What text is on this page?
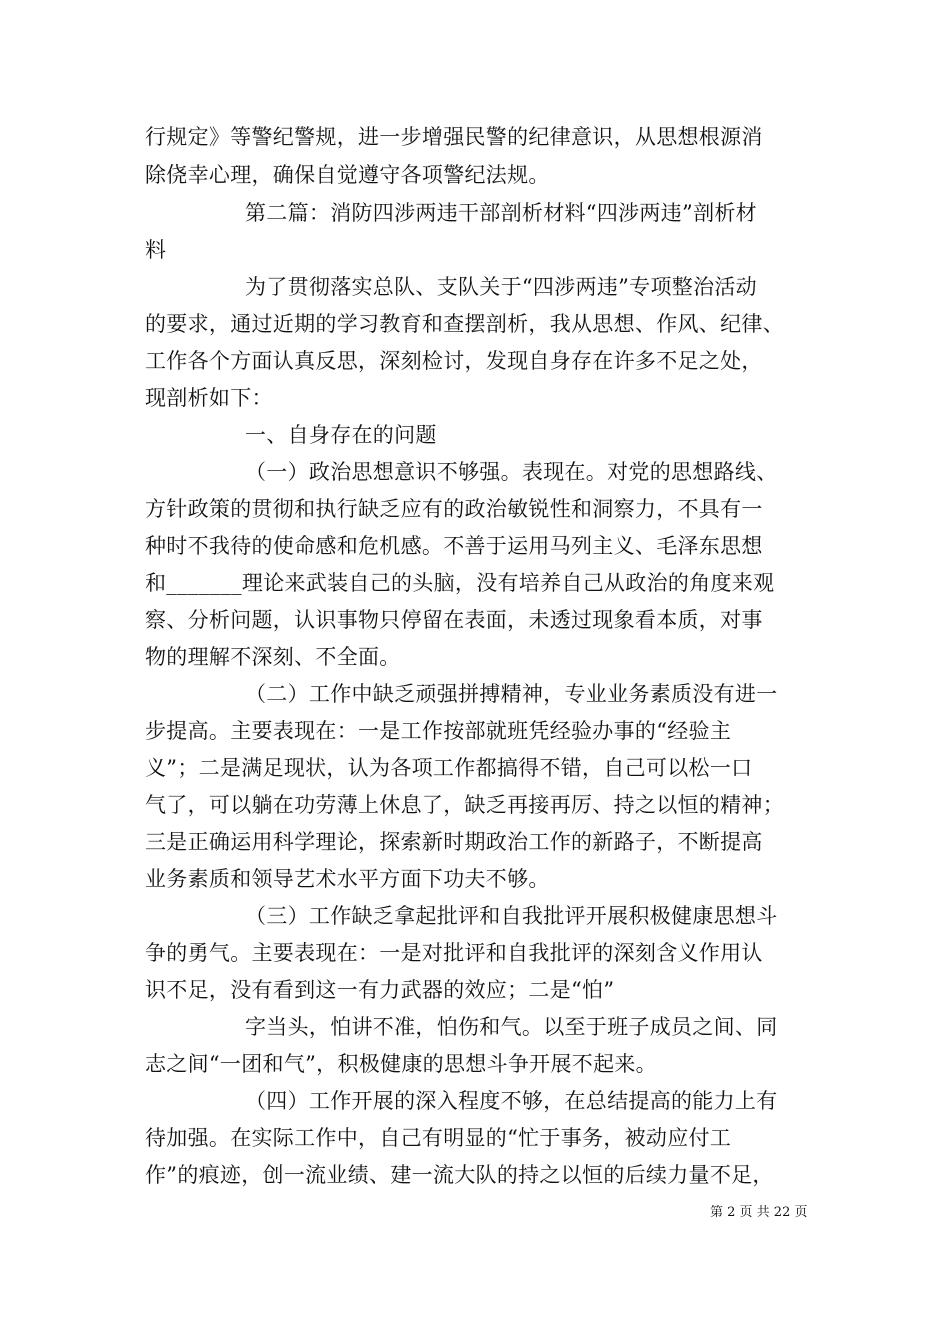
行规定》等警纪警规，进一步增强民警的纪律意识，从思想根源消
除侥幸心理，确保自觉遵守各项警纪法规。
第二篇：消防四涉两违干部剖析材料“四涉两违”剖析材
料
为了贯彻落实总队、支队关于“四涉两违”专项整治活动
的要求，通过近期的学习教育和查摆剖析，我从思想、作风、纪律、
工作各个方面认真反思，深刻检讨，发现自身存在许多不足之处，
现剖析如下：
一、自身存在的问题
（一）政治思想意识不够强。表现在。对党的思想路线、
方针政策的贯彻和执行缺乏应有的政治敏锐性和洞察力，不具有一
种时不我待的使命感和危机感。不善于运用马列主义、毛泽东思想
和_______理论来武装自己的头脑，没有培养自己从政治的角度来观
察、分析问题，认识事物只停留在表面，未透过现象看本质，对事
物的理解不深刻、不全面。
（二）工作中缺乏顽强拼搏精神，专业业务素质没有进一
步提高。主要表现在：一是工作按部就班凭经验办事的“经验主
义”；二是满足现状，认为各项工作都搞得不错，自己可以松一口
气了，可以躺在功劳薄上休息了，缺乏再接再厉、持之以恒的精神；
三是正确运用科学理论，探索新时期政治工作的新路子，不断提高
业务素质和领导艺术水平方面下功夫不够。
（三）工作缺乏拿起批评和自我批评开展积极健康思想斗
争的勇气。主要表现在：一是对批评和自我批评的深刻含义作用认
识不足，没有看到这一有力武器的效应；二是“怕”
字当头，怕讲不准，怕伤和气。以至于班子成员之间、同
志之间“一团和气”，积极健康的思想斗争开展不起来。
（四）工作开展的深入程度不够，在总结提高的能力上有
待加强。在实际工作中，自己有明显的“忙于事务，被动应付工
作”的痕迹，创一流业绩、建一流大队的持之以恒的后续力量不足，
第 2 页 共 22 页
